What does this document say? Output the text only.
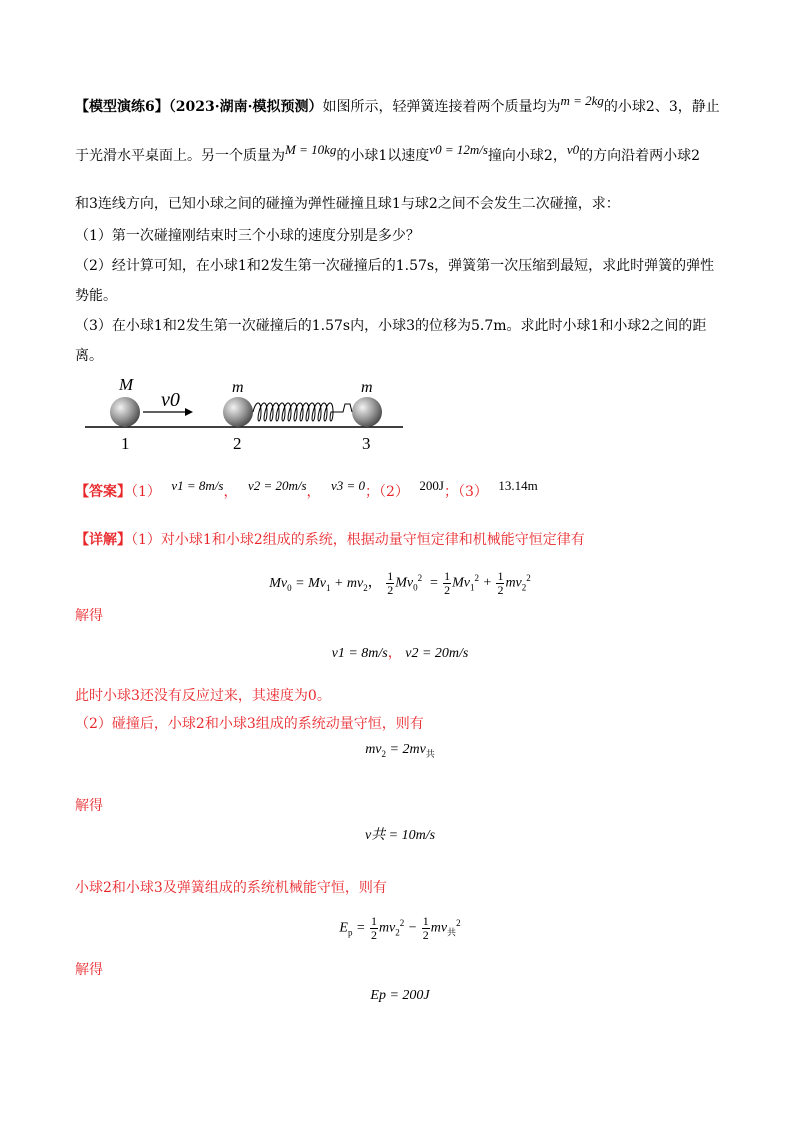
【模型演练6】（2023·湖南·模拟预测）如图所示，轻弹簧连接着两个质量均为m = 2kg的小球2、3，静止
于光滑水平桌面上。另一个质量为M = 10kg的小球1以速度v0 = 12m/s撞向小球2，v0的方向沿着两小球2
和3连线方向，已知小球之间的碰撞为弹性碰撞且球1与球2之间不会发生二次碰撞，求：
（1）第一次碰撞刚结束时三个小球的速度分别是多少？
（2）经计算可知，在小球1和2发生第一次碰撞后的1.57s，弹簧第一次压缩到最短，求此时弹簧的弹性
势能。
（3）在小球1和2发生第一次碰撞后的1.57s内，小球3的位移为5.7m。求此时小球1和小球2之间的距
离。
M
v0
m	m
1	2	3
【答案】（1） v1 = 8m/s， v2 = 20m/s， v3 = 0；（2） 200J；（3） 13.14m
【详解】（1）对小球1和小球2组成的系统，根据动量守恒定律和机械能守恒定律有
$Mv_0 = Mv_1 + mv_2$， $\frac{1}{2} Mv_0^2 = \frac{1}{2} Mv_1^2 + \frac{1}{2} mv_2^2$
解得
v1 = 8m/s， v2 = 20m/s
此时小球3还没有反应过来，其速度为0。
（2）碰撞后，小球2和小球3组成的系统动量守恒，则有
$mv_2 = 2mv_共$
解得
v共 = 10m/s
小球2和小球3及弹簧组成的系统机械能守恒，则有
$E_p = \frac{1}{2} mv_2^2 - \frac{1}{2} mv_共^2$
解得
Ep = 200J
